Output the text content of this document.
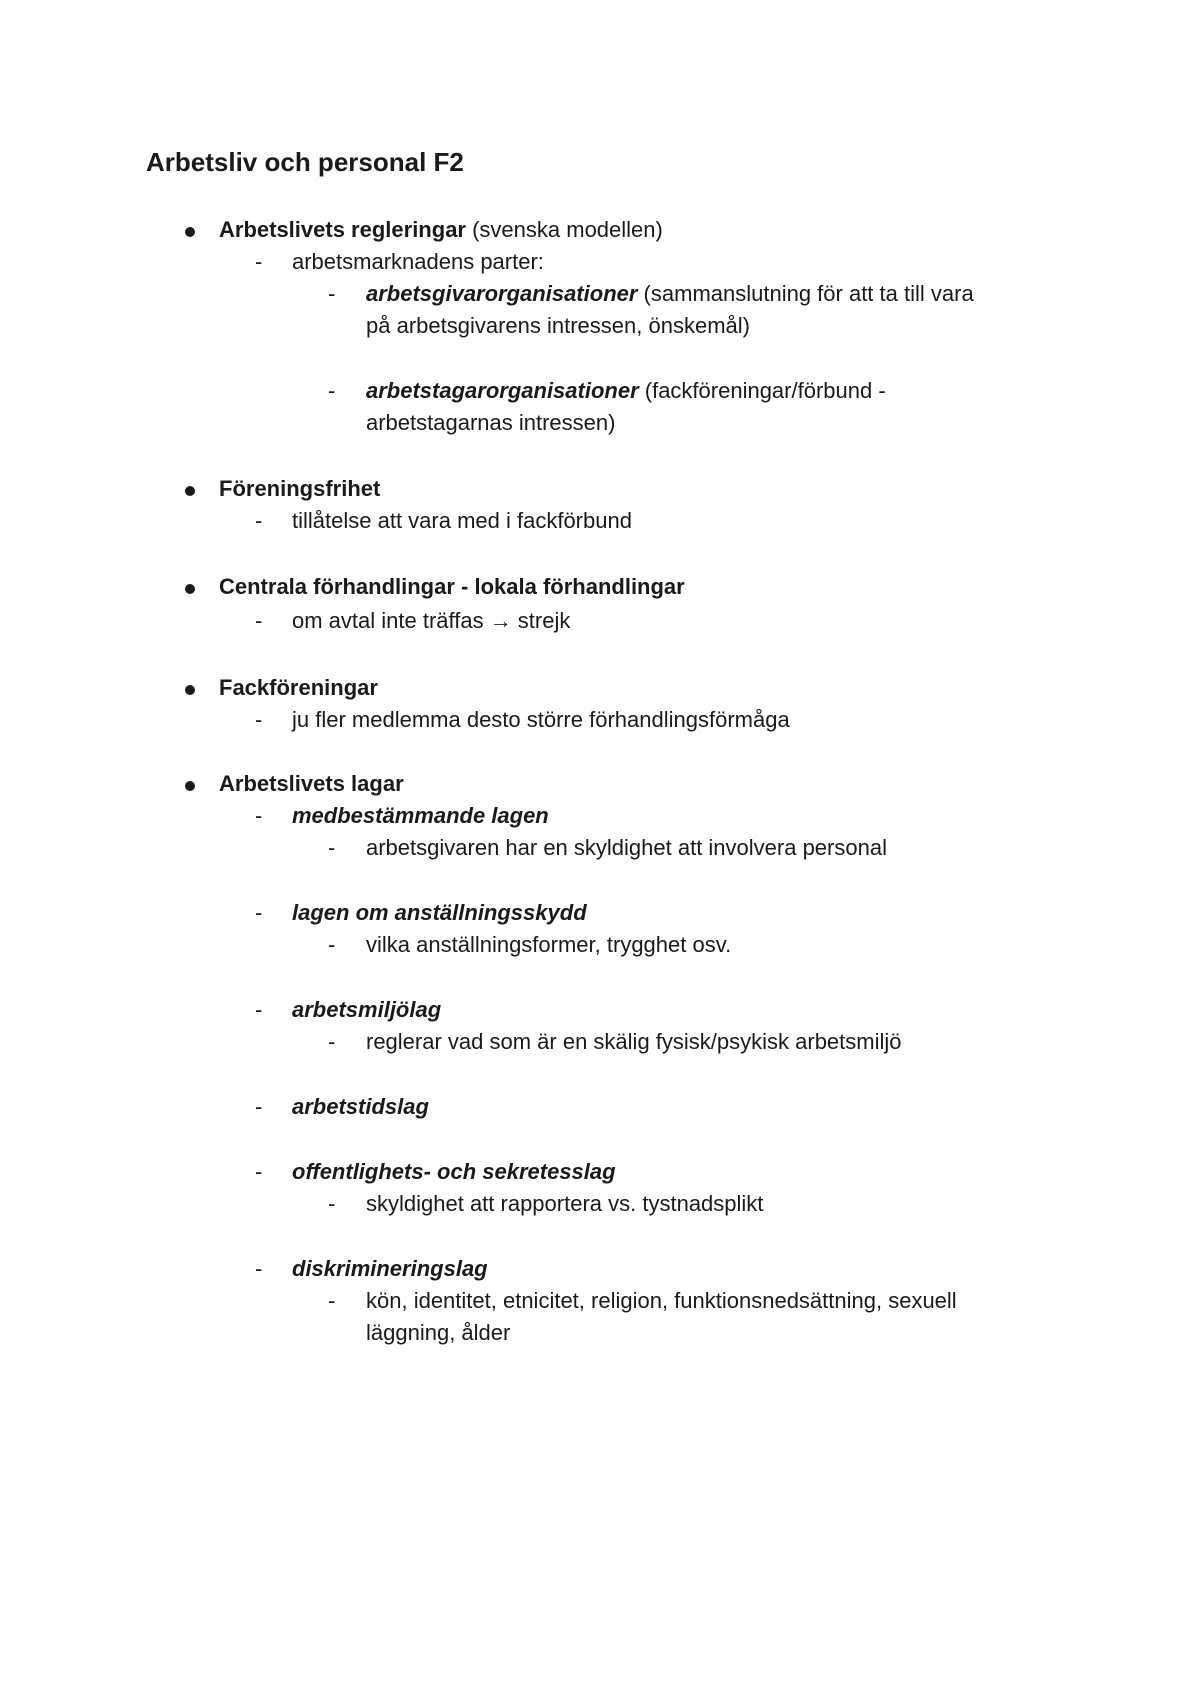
Arbetsliv och personal F2
Arbetslivets regleringar (svenska modellen)
- arbetsmarknadens parter:
- arbetsgivarorganisationer (sammanslutning för att ta till vara
på arbetsgivarens intressen, önskemål)
- arbetstagarorganisationer (fackföreningar/förbund -
arbetstagarnas intressen)
Föreningsfrihet
- tillåtelse att vara med i fackförbund
Centrala förhandlingar - lokala förhandlingar
- om avtal inte träffas → strejk
Fackföreningar
- ju fler medlemma desto större förhandlingsförmåga
Arbetslivets lagar
- medbestämmande lagen
- arbetsgivaren har en skyldighet att involvera personal
- lagen om anställningsskydd
- vilka anställningsformer, trygghet osv.
- arbetsmiljölag
- reglerar vad som är en skälig fysisk/psykisk arbetsmiljö
- arbetstidslag
- offentlighets- och sekretesslag
- skyldighet att rapportera vs. tystnadsplikt
- diskrimineringslag
- kön, identitet, etnicitet, religion, funktionsnedsättning, sexuell
läggning, ålder
